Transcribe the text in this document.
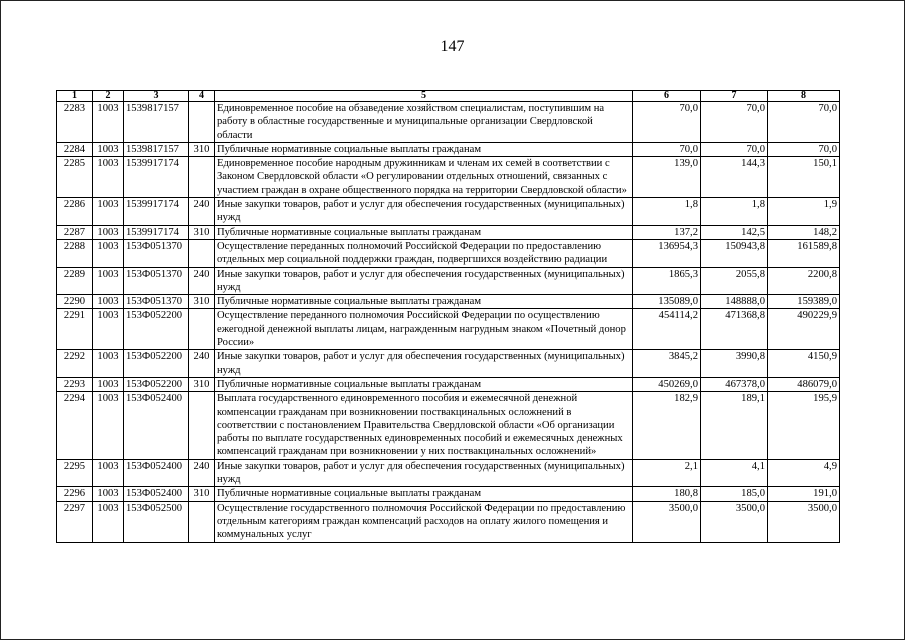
147
1	2	3	4	5	6	7	8
2283	1003	1539817157		Единовременное пособие на обзаведение хозяйством специалистам, поступившим на работу в областные государственные и муниципальные организации Свердловской области	70,0	70,0	70,0
2284	1003	1539817157	310	Публичные нормативные социальные выплаты гражданам	70,0	70,0	70,0
2285	1003	1539917174		Единовременное пособие народным дружинникам и членам их семей в соответствии с Законом Свердловской области «О регулировании отдельных отношений, связанных с участием граждан в охране общественного порядка на территории Свердловской области»	139,0	144,3	150,1
2286	1003	1539917174	240	Иные закупки товаров, работ и услуг для обеспечения государственных (муниципальных) нужд	1,8	1,8	1,9
2287	1003	1539917174	310	Публичные нормативные социальные выплаты гражданам	137,2	142,5	148,2
2288	1003	153Ф051370		Осуществление переданных полномочий Российской Федерации по предоставлению отдельных мер социальной поддержки граждан, подвергшихся воздействию радиации	136954,3	150943,8	161589,8
2289	1003	153Ф051370	240	Иные закупки товаров, работ и услуг для обеспечения государственных (муниципальных) нужд	1865,3	2055,8	2200,8
2290	1003	153Ф051370	310	Публичные нормативные социальные выплаты гражданам	135089,0	148888,0	159389,0
2291	1003	153Ф052200		Осуществление переданного полномочия Российской Федерации по осуществлению ежегодной денежной выплаты лицам, награжденным нагрудным знаком «Почетный донор России»	454114,2	471368,8	490229,9
2292	1003	153Ф052200	240	Иные закупки товаров, работ и услуг для обеспечения государственных (муниципальных) нужд	3845,2	3990,8	4150,9
2293	1003	153Ф052200	310	Публичные нормативные социальные выплаты гражданам	450269,0	467378,0	486079,0
2294	1003	153Ф052400		Выплата государственного единовременного пособия и ежемесячной денежной компенсации гражданам при возникновении поствакцинальных осложнений в соответствии с постановлением Правительства Свердловской области «Об организации работы по выплате государственных единовременных пособий и ежемесячных денежных компенсаций гражданам при возникновении у них поствакцинальных осложнений»	182,9	189,1	195,9
2295	1003	153Ф052400	240	Иные закупки товаров, работ и услуг для обеспечения государственных (муниципальных) нужд	2,1	4,1	4,9
2296	1003	153Ф052400	310	Публичные нормативные социальные выплаты гражданам	180,8	185,0	191,0
2297	1003	153Ф052500		Осуществление государственного полномочия Российской Федерации по предоставлению отдельным категориям граждан компенсаций расходов на оплату жилого помещения и коммунальных услуг	3500,0	3500,0	3500,0
